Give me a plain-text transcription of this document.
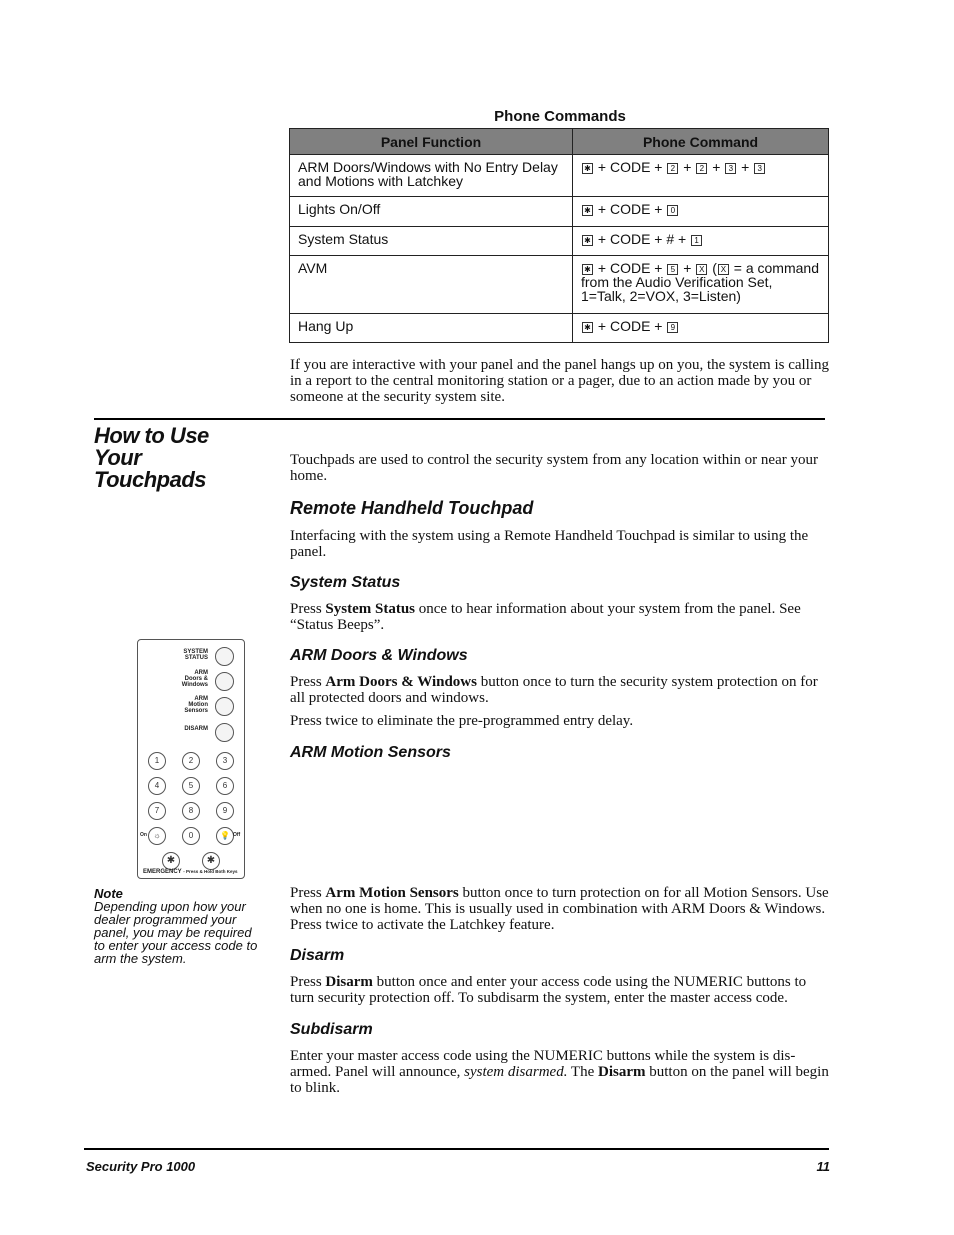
Phone Commands
Panel Function	Phone Command
ARM Doors/Windows with No Entry Delay and Motions with Latchkey	✱ + CODE + 2 + 2 + 3 + 3
Lights On/Off	✱ + CODE + 0
System Status	✱ + CODE + # + 1
AVM	✱ + CODE + 5 + X ( X = a command from the Audio Verification Set, 1=Talk, 2=VOX, 3=Listen)
Hang Up	✱ + CODE + 9
If you are interactive with your panel and the panel hangs up on you, the system is calling in a report to the central monitoring station or a pager, due to an action made by you or someone at the security system site.
How to Use
Your
Touchpads
Touchpads are used to control the security system from any location within or near your home.
Remote Handheld Touchpad
Interfacing with the system using a Remote Handheld Touchpad is similar to using the panel.
System Status
Press System Status once to hear information about your system from the panel. See “Status Beeps”.
ARM Doors & Windows
Press Arm Doors & Windows button once to turn the security system protection on for all protected doors and windows.
Press twice to eliminate the pre-programmed entry delay.
ARM Motion Sensors
Press Arm Motion Sensors button once to turn protection on for all Motion Sensors. Use when no one is home. This is usually used in combination with ARM Doors & Windows. Press twice to activate the Latchkey feature.
Disarm
Press Disarm button once and enter your access code using the NUMERIC buttons to turn security protection off. To subdisarm the system, enter the master access code.
Subdisarm
Enter your master access code using the NUMERIC buttons while the system is dis-armed. Panel will announce, system disarmed. The Disarm button on the panel will begin to blink.
SYSTEM
STATUS
ARM
Doors &
Windows
ARM
Motion
Sensors
DISARM
1	2	3
4	5	6
7	8	9
☼	0	💡
On	Off
✱	✱
EMERGENCY - Press & Hold Both Keys
Note
Depending upon how your dealer programmed your panel, you may be required to enter your access code to arm the system.
Security Pro 1000	11
